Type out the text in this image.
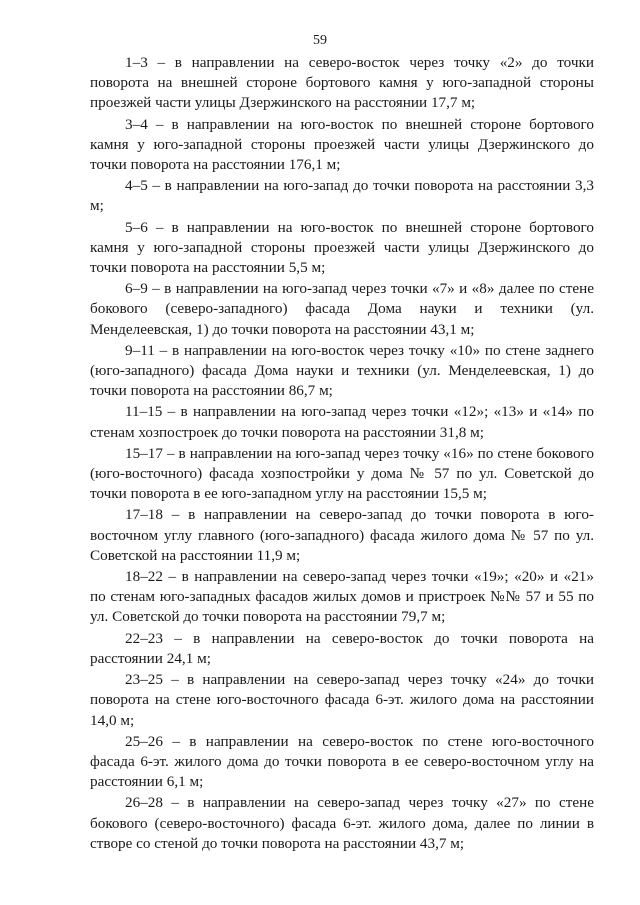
59

1–3 – в направлении на северо-восток через точку «2» до точки поворота на внешней стороне бортового камня у юго-западной стороны проезжей части улицы Дзержинского на расстоянии 17,7 м;

3–4 – в направлении на юго-восток по внешней стороне бортового камня у юго-западной стороны проезжей части улицы Дзержинского до точки поворота на расстоянии 176,1 м;

4–5 – в направлении на юго-запад до точки поворота на расстоянии 3,3 м;

5–6 – в направлении на юго-восток по внешней стороне бортового камня у юго-западной стороны проезжей части улицы Дзержинского до точки поворота на расстоянии 5,5 м;

6–9 – в направлении на юго-запад через точки «7» и «8» далее по стене бокового (северо-западного) фасада Дома науки и техники (ул. Менделеевская, 1) до точки поворота на расстоянии 43,1 м;

9–11 – в направлении на юго-восток через точку «10» по стене заднего (юго-западного) фасада Дома науки и техники (ул. Менделеевская, 1) до точки поворота на расстоянии 86,7 м;

11–15 – в направлении на юго-запад через точки «12»; «13» и «14» по стенам хозпостроек до точки поворота на расстоянии 31,8 м;

15–17 – в направлении на юго-запад через точку «16» по стене бокового (юго-восточного) фасада хозпостройки у дома № 57 по ул. Советской до точки поворота в ее юго-западном углу на расстоянии 15,5 м;

17–18 – в направлении на северо-запад до точки поворота в юго-восточном углу главного (юго-западного) фасада жилого дома № 57 по ул. Советской на расстоянии 11,9 м;

18–22 – в направлении на северо-запад через точки «19»; «20» и «21» по стенам юго-западных фасадов жилых домов и пристроек №№ 57 и 55 по ул. Советской до точки поворота на расстоянии 79,7 м;

22–23 – в направлении на северо-восток до точки поворота на расстоянии 24,1 м;

23–25 – в направлении на северо-запад через точку «24» до точки поворота на стене юго-восточного фасада 6-эт. жилого дома на расстоянии 14,0 м;

25–26 – в направлении на северо-восток по стене юго-восточного фасада 6-эт. жилого дома до точки поворота в ее северо-восточном углу на расстоянии 6,1 м;

26–28 – в направлении на северо-запад через точку «27» по стене бокового (северо-восточного) фасада 6-эт. жилого дома, далее по линии в створе со стеной до точки поворота на расстоянии 43,7 м;
